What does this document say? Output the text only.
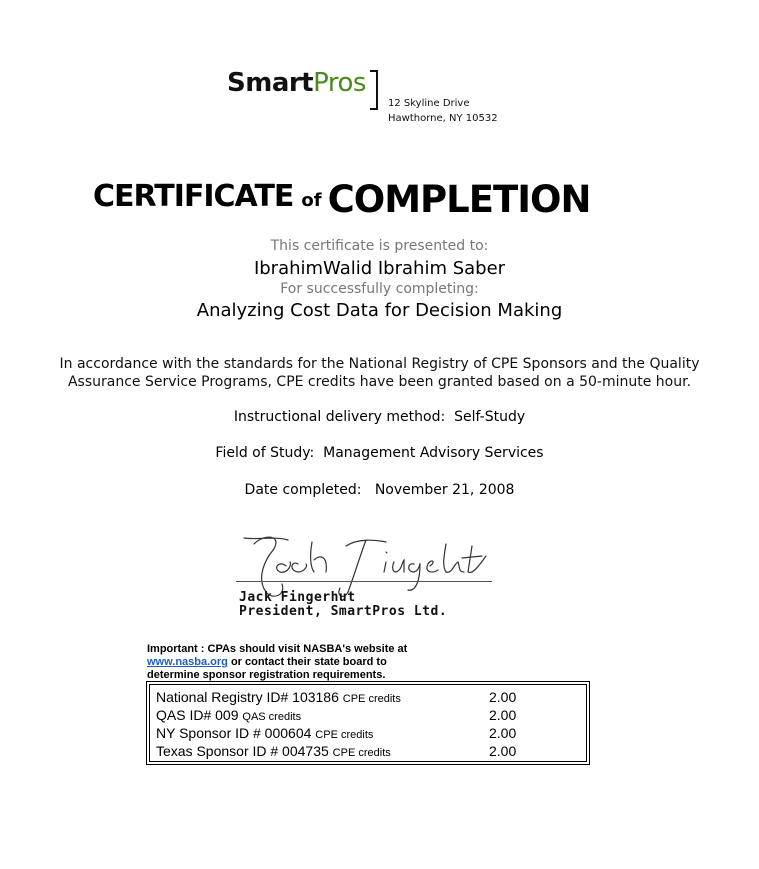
SmartPros
12 Skyline Drive
Hawthorne, NY 10532
CERTIFICATE of COMPLETION
This certificate is presented to:
IbrahimWalid Ibrahim Saber
For successfully completing:
Analyzing Cost Data for Decision Making
In accordance with the standards for the National Registry of CPE Sponsors and the Quality
Assurance Service Programs, CPE credits have been granted based on a 50-minute hour.
Instructional delivery method: Self-Study
Field of Study: Management Advisory Services
Date completed: November 21, 2008
Jack Fingerhut
President, SmartPros Ltd.
Important : CPAs should visit NASBA's website at
www.nasba.org or contact their state board to
determine sponsor registration requirements.
National Registry ID# 103186 CPE credits	2.00
QAS ID# 009 QAS credits	2.00
NY Sponsor ID # 000604 CPE credits	2.00
Texas Sponsor ID # 004735 CPE credits	2.00
